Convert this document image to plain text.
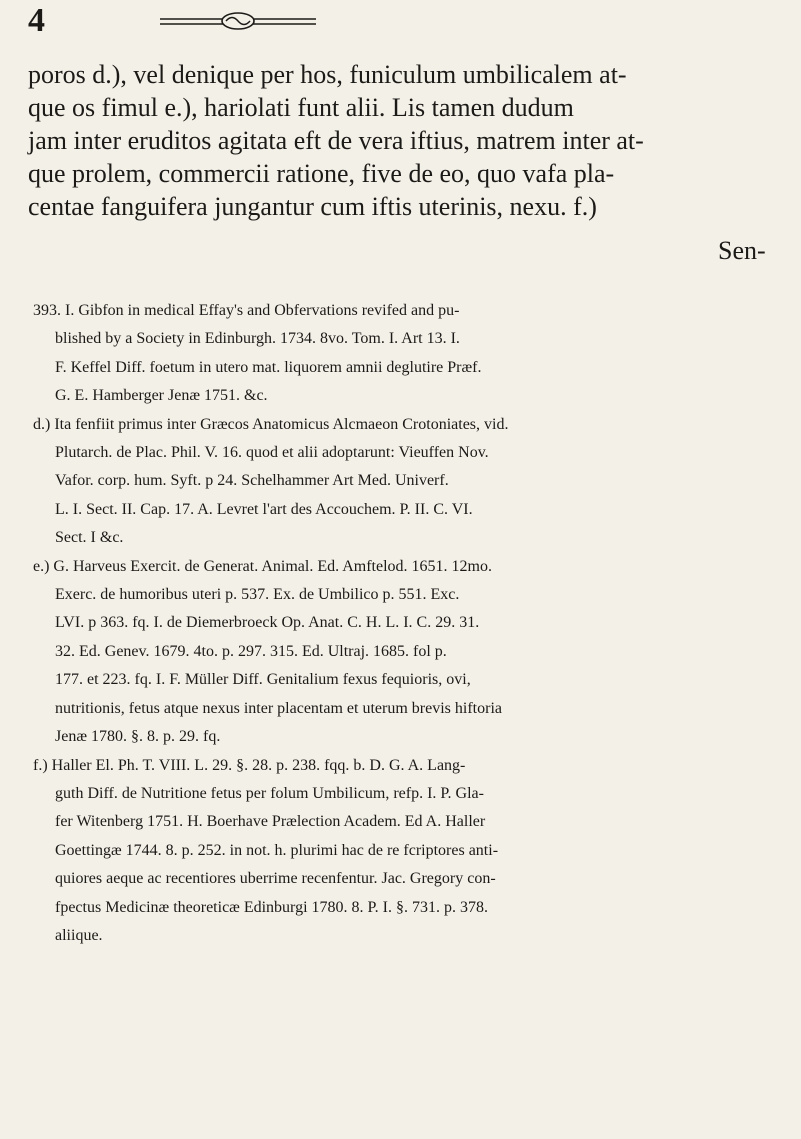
4
poros d.), vel denique per hos, funiculum umbilicalem at-
que os fimul e.), hariolati funt alii. Lis tamen dudum
jam inter eruditos agitata eft de vera iftius, matrem inter at-
que prolem, commercii ratione, five de eo, quo vafa pla-
centae fanguifera jungantur cum iftis uterinis, nexu. f.)
Sen-
393. I. Gibfon in medical Effay's and Obfervations revifed and pu-
blished by a Society in Edinburgh. 1734. 8vo. Tom. I. Art 13. I.
F. Keffel Diff. foetum in utero mat. liquorem amnii deglutire Præf.
G. E. Hamberger Jenæ 1751. &c.
d.) Ita fenfiit primus inter Græcos Anatomicus Alcmaeon Crotoniates, vid.
Plutarch. de Plac. Phil. V. 16. quod et alii adoptarunt: Vieuffen Nov.
Vafor. corp. hum. Syft. p 24. Schelhammer Art Med. Univerf.
L. I. Sect. II. Cap. 17. A. Levret l'art des Accouchem. P. II. C. VI.
Sect. I &c.
e.) G. Harveus Exercit. de Generat. Animal. Ed. Amftelod. 1651. 12mo.
Exerc. de humoribus uteri p. 537. Ex. de Umbilico p. 551. Exc.
LVI. p 363. fq. I. de Diemerbroeck Op. Anat. C. H. L. I. C. 29. 31.
32. Ed. Genev. 1679. 4to. p. 297. 315. Ed. Ultraj. 1685. fol p.
177. et 223. fq. I. F. Müller Diff. Genitalium fexus fequioris, ovi,
nutritionis, fetus atque nexus inter placentam et uterum brevis hiftoria
Jenæ 1780. §. 8. p. 29. fq.
f.) Haller El. Ph. T. VIII. L. 29. §. 28. p. 238. fqq. b. D. G. A. Lang-
guth Diff. de Nutritione fetus per folum Umbilicum, refp. I. P. Gla-
fer Witenberg 1751. H. Boerhave Prælection Academ. Ed A. Haller
Goettingæ 1744. 8. p. 252. in not. h. plurimi hac de re fcriptores anti-
quiores aeque ac recentiores uberrime recenfentur. Jac. Gregory con-
fpectus Medicinæ theoreticæ Edinburgi 1780. 8. P. I. §. 731. p. 378.
aliique.
